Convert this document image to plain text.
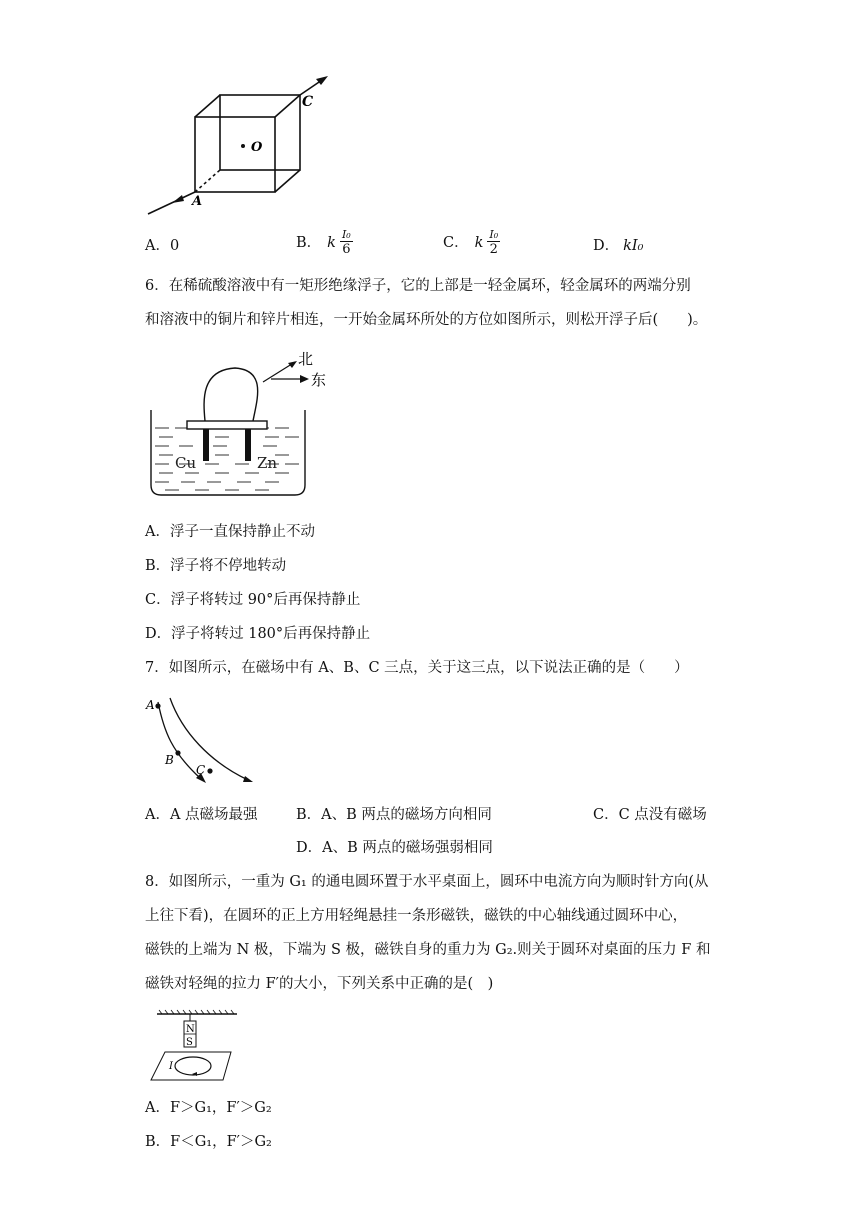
O
C
A
A．0	B． k $\frac{\text{I₀}}{6}$	C． k $\frac{\text{I₀}}{2}$	D． kI₀
6．在稀硫酸溶液中有一矩形绝缘浮子，它的上部是一轻金属环，轻金属环的两端分别
和溶液中的铜片和锌片相连，一开始金属环所处的方位如图所示，则松开浮子后(　　)。
北
东
Cu	Zn
A．浮子一直保持静止不动
B．浮子将不停地转动
C．浮子将转过 90°后再保持静止
D．浮子将转过 180°后再保持静止
7．如图所示，在磁场中有 A、B、C 三点，关于这三点，以下说法正确的是（　　）
A
B
C
A．A 点磁场最强	B．A、B 两点的磁场方向相同	C．C 点没有磁场
D．A、B 两点的磁场强弱相同
8．如图所示，一重为 G₁ 的通电圆环置于水平桌面上，圆环中电流方向为顺时针方向(从
上往下看)，在圆环的正上方用轻绳悬挂一条形磁铁，磁铁的中心轴线通过圆环中心，
磁铁的上端为 N 极，下端为 S 极，磁铁自身的重力为 G₂.则关于圆环对桌面的压力 F 和
磁铁对轻绳的拉力 F′的大小，下列关系中正确的是(　)
N
S
I
A．F＞G₁，F′＞G₂
B．F＜G₁，F′＞G₂
